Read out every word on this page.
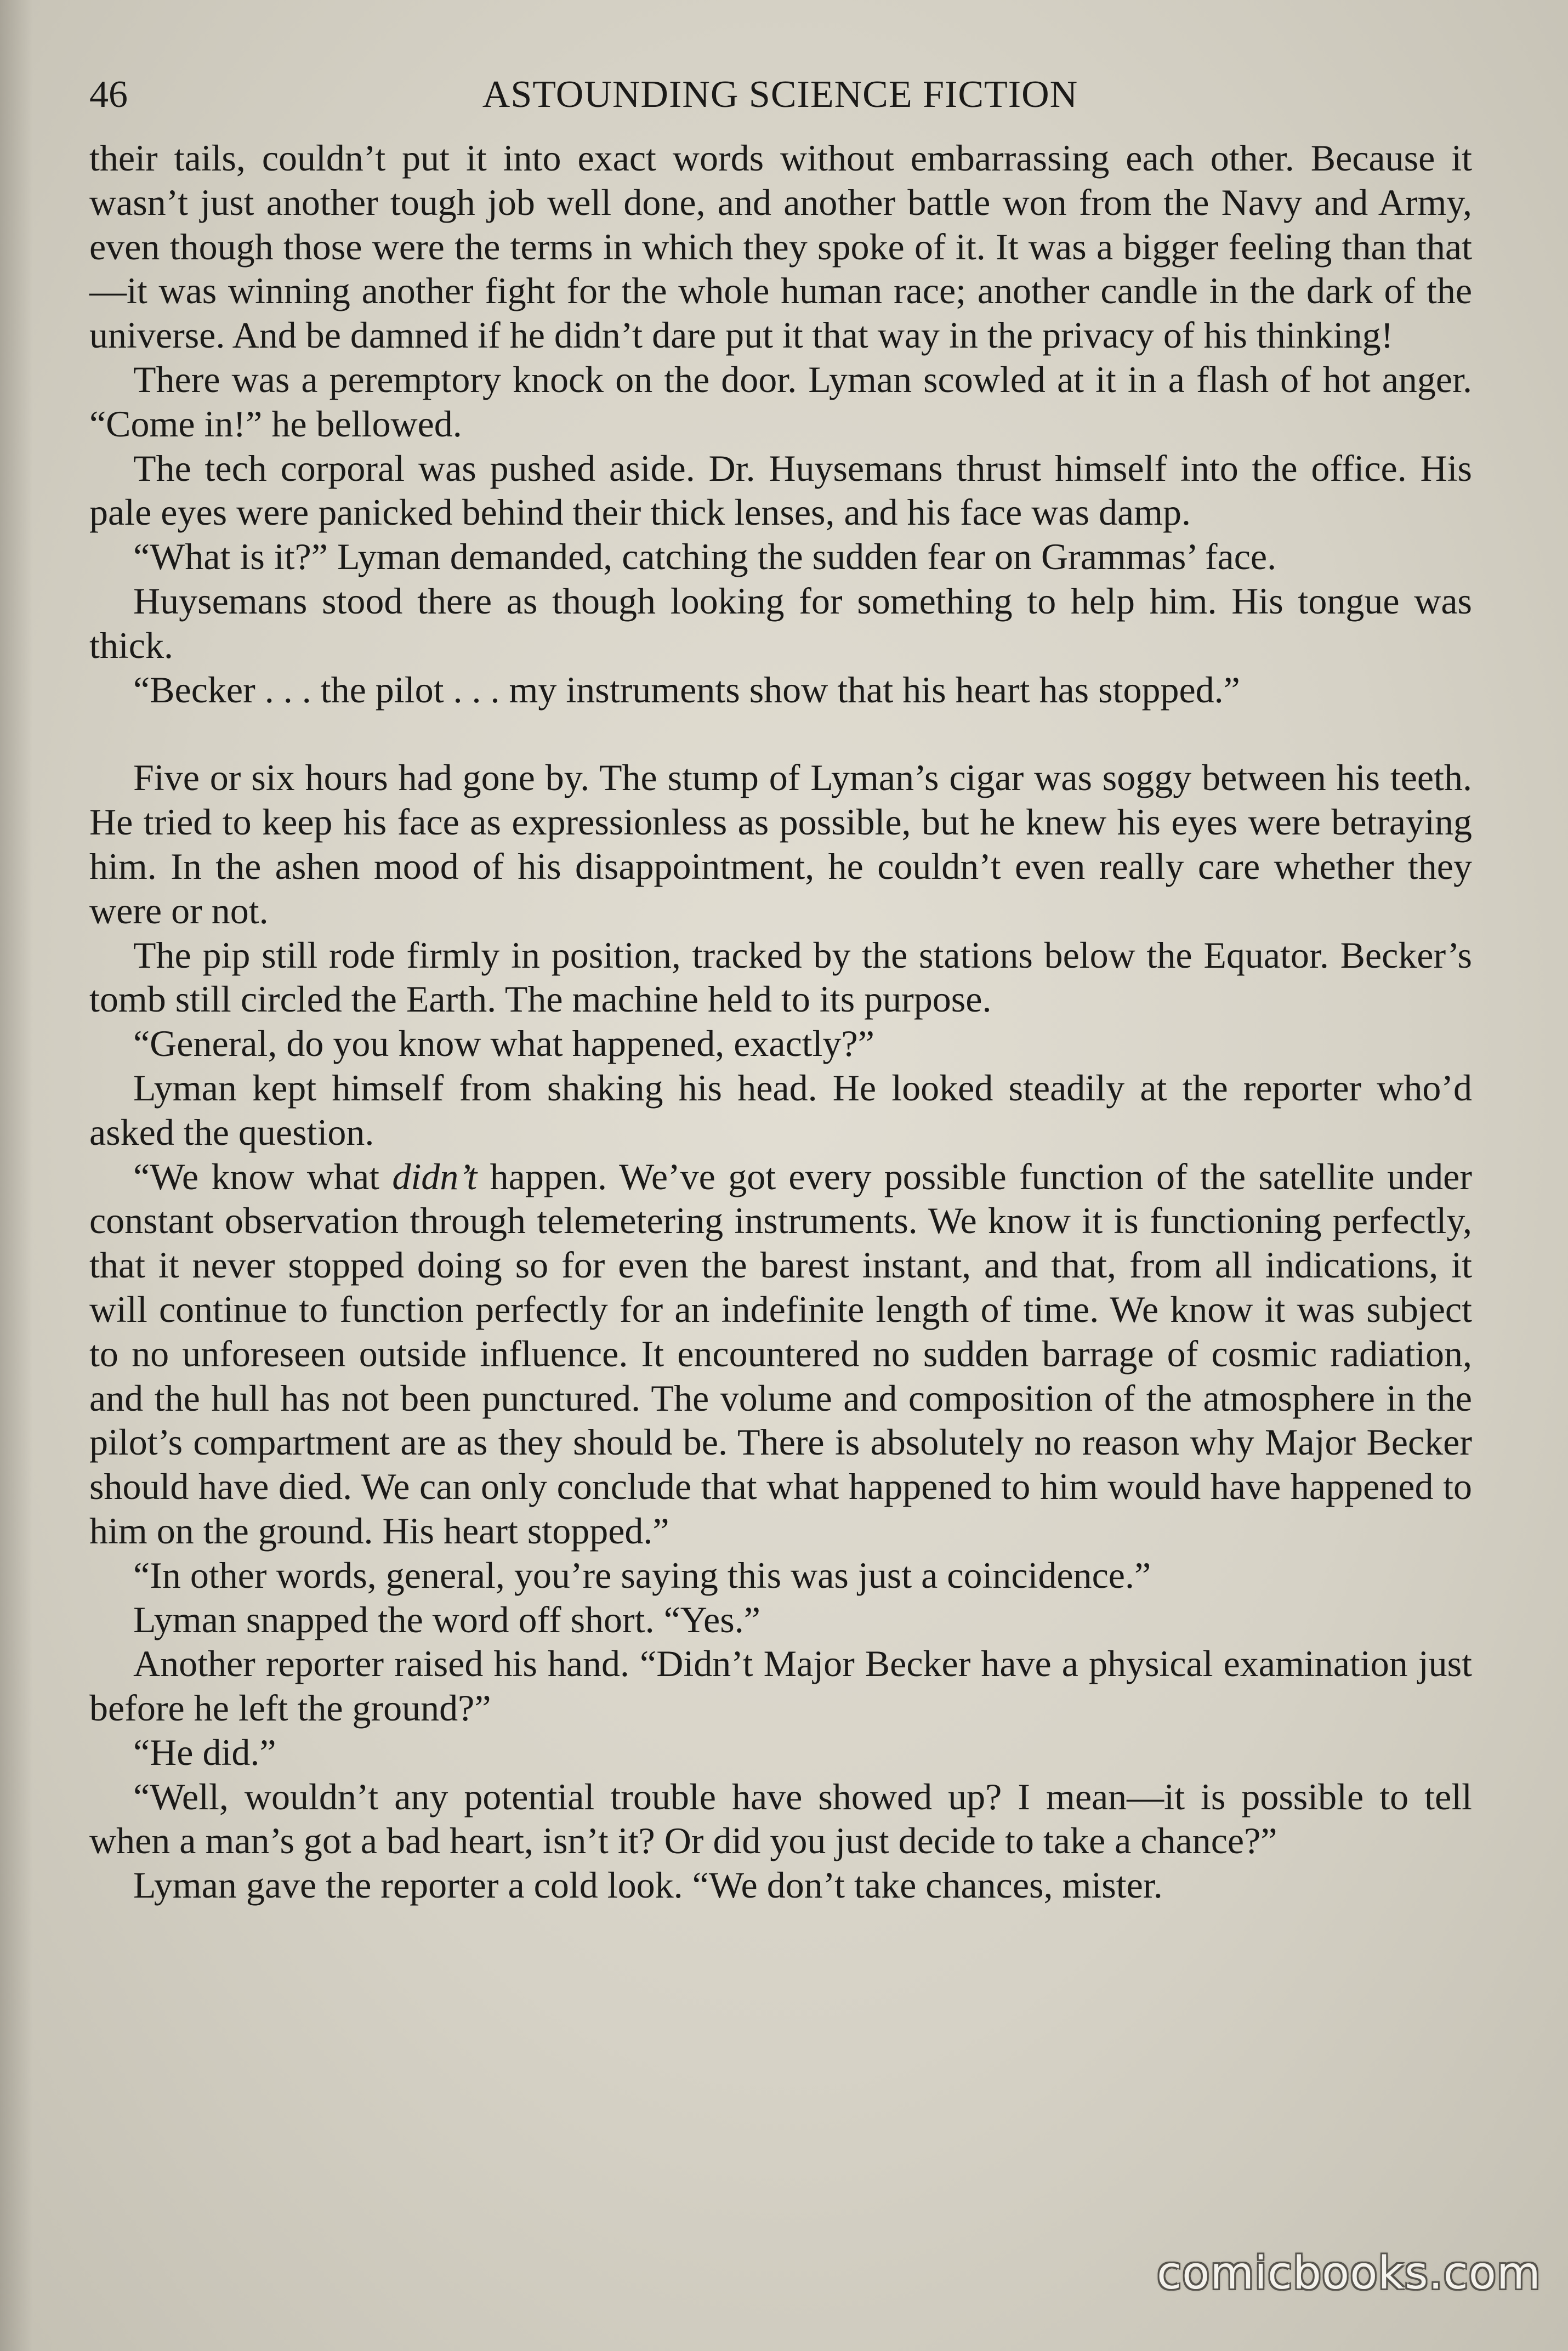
46	ASTOUNDING SCIENCE FICTION

their tails, couldn’t put it into exact words without embarrassing each other. Because it wasn’t just another tough job well done, and another battle won from the Navy and Army, even though those were the terms in which they spoke of it. It was a bigger feeling than that—it was winning another fight for the whole human race; another candle in the dark of the universe. And be damned if he didn’t dare put it that way in the privacy of his thinking!

There was a peremptory knock on the door. Lyman scowled at it in a flash of hot anger. “Come in!” he bellowed.

The tech corporal was pushed aside. Dr. Huysemans thrust himself into the office. His pale eyes were panicked behind their thick lenses, and his face was damp.

“What is it?” Lyman demanded, catching the sudden fear on Grammas’ face.

Huysemans stood there as though looking for something to help him. His tongue was thick.

“Becker . . . the pilot . . . my instruments show that his heart has stopped.”

Five or six hours had gone by. The stump of Lyman’s cigar was soggy between his teeth. He tried to keep his face as expressionless as possible, but he knew his eyes were betraying him. In the ashen mood of his disappointment, he couldn’t even really care whether they were or not.

The pip still rode firmly in position, tracked by the stations below the Equator. Becker’s tomb still circled the Earth. The machine held to its purpose.

“General, do you know what happened, exactly?”

Lyman kept himself from shaking his head. He looked steadily at the reporter who’d asked the question.

“We know what didn’t happen. We’ve got every possible function of the satellite under constant observation through telemetering instruments. We know it is functioning perfectly, that it never stopped doing so for even the barest instant, and that, from all indications, it will continue to function perfectly for an indefinite length of time. We know it was subject to no unforeseen outside influence. It encountered no sudden barrage of cosmic radiation, and the hull has not been punctured. The volume and composition of the atmosphere in the pilot’s compartment are as they should be. There is absolutely no reason why Major Becker should have died. We can only conclude that what happened to him would have happened to him on the ground. His heart stopped.”

“In other words, general, you’re saying this was just a coincidence.”

Lyman snapped the word off short. “Yes.”

Another reporter raised his hand. “Didn’t Major Becker have a physical examination just before he left the ground?”

“He did.”

“Well, wouldn’t any potential trouble have showed up? I mean—it is possible to tell when a man’s got a bad heart, isn’t it? Or did you just decide to take a chance?”

Lyman gave the reporter a cold look. “We don’t take chances, mister.

comicbooks.com
